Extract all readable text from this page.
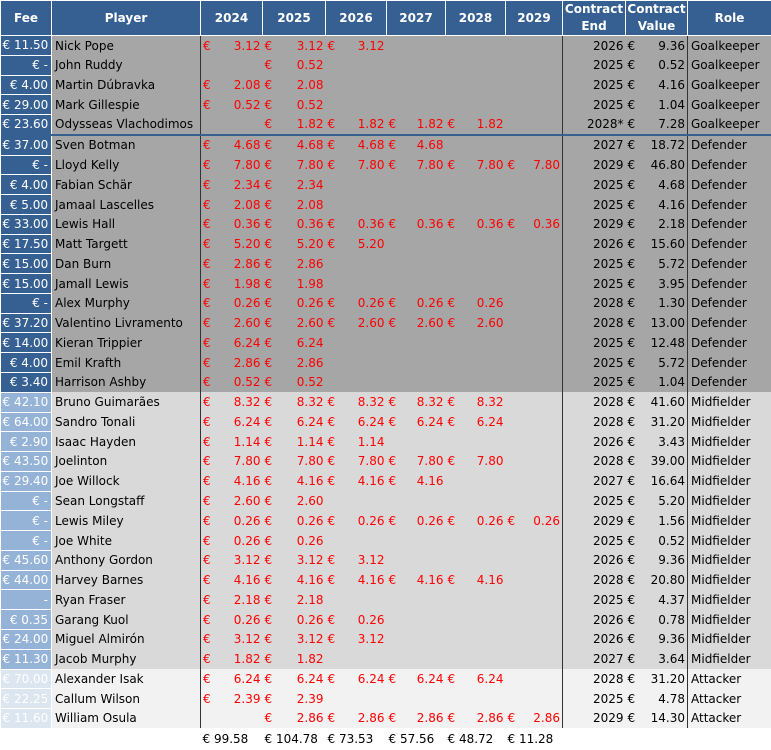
Fee	Player	2024	2025	2026	2027	2028	2029	Contract End	Contract Value	Role
€ 11.50	Nick Pope	€ 3.12	€ 3.12	€ 3.12				2026	€ 9.36	Goalkeeper
€ -	John Ruddy		€ 0.52					2025	€ 0.52	Goalkeeper
€ 4.00	Martin Dúbravka	€ 2.08	€ 2.08					2025	€ 4.16	Goalkeeper
€ 29.00	Mark Gillespie	€ 0.52	€ 0.52					2025	€ 1.04	Goalkeeper
€ 23.60	Odysseas Vlachodimos		€ 1.82	€ 1.82	€ 1.82	€ 1.82		2028*	€ 7.28	Goalkeeper
€ 37.00	Sven Botman	€ 4.68	€ 4.68	€ 4.68	€ 4.68			2027	€ 18.72	Defender
€ -	Lloyd Kelly	€ 7.80	€ 7.80	€ 7.80	€ 7.80	€ 7.80	€ 7.80	2029	€ 46.80	Defender
€ 4.00	Fabian Schär	€ 2.34	€ 2.34					2025	€ 4.68	Defender
€ 5.00	Jamaal Lascelles	€ 2.08	€ 2.08					2025	€ 4.16	Defender
€ 33.00	Lewis Hall	€ 0.36	€ 0.36	€ 0.36	€ 0.36	€ 0.36	€ 0.36	2029	€ 2.18	Defender
€ 17.50	Matt Targett	€ 5.20	€ 5.20	€ 5.20				2026	€ 15.60	Defender
€ 15.00	Dan Burn	€ 2.86	€ 2.86					2025	€ 5.72	Defender
€ 15.00	Jamall Lewis	€ 1.98	€ 1.98					2025	€ 3.95	Defender
€ -	Alex Murphy	€ 0.26	€ 0.26	€ 0.26	€ 0.26	€ 0.26		2028	€ 1.30	Defender
€ 37.20	Valentino Livramento	€ 2.60	€ 2.60	€ 2.60	€ 2.60	€ 2.60		2028	€ 13.00	Defender
€ 14.00	Kieran Trippier	€ 6.24	€ 6.24					2025	€ 12.48	Defender
€ 4.00	Emil Krafth	€ 2.86	€ 2.86					2025	€ 5.72	Defender
€ 3.40	Harrison Ashby	€ 0.52	€ 0.52					2025	€ 1.04	Defender
€ 42.10	Bruno Guimarães	€ 8.32	€ 8.32	€ 8.32	€ 8.32	€ 8.32		2028	€ 41.60	Midfielder
€ 64.00	Sandro Tonali	€ 6.24	€ 6.24	€ 6.24	€ 6.24	€ 6.24		2028	€ 31.20	Midfielder
€ 2.90	Isaac Hayden	€ 1.14	€ 1.14	€ 1.14				2026	€ 3.43	Midfielder
€ 43.50	Joelinton	€ 7.80	€ 7.80	€ 7.80	€ 7.80	€ 7.80		2028	€ 39.00	Midfielder
€ 29.40	Joe Willock	€ 4.16	€ 4.16	€ 4.16	€ 4.16			2027	€ 16.64	Midfielder
€ -	Sean Longstaff	€ 2.60	€ 2.60					2025	€ 5.20	Midfielder
€ -	Lewis Miley	€ 0.26	€ 0.26	€ 0.26	€ 0.26	€ 0.26	€ 0.26	2029	€ 1.56	Midfielder
€ -	Joe White	€ 0.26	€ 0.26					2025	€ 0.52	Midfielder
€ 45.60	Anthony Gordon	€ 3.12	€ 3.12	€ 3.12				2026	€ 9.36	Midfielder
€ 44.00	Harvey Barnes	€ 4.16	€ 4.16	€ 4.16	€ 4.16	€ 4.16		2028	€ 20.80	Midfielder
-	Ryan Fraser	€ 2.18	€ 2.18					2025	€ 4.37	Midfielder
€ 0.35	Garang Kuol	€ 0.26	€ 0.26	€ 0.26				2026	€ 0.78	Midfielder
€ 24.00	Miguel Almirón	€ 3.12	€ 3.12	€ 3.12				2026	€ 9.36	Midfielder
€ 11.30	Jacob Murphy	€ 1.82	€ 1.82					2027	€ 3.64	Midfielder
€ 70.00	Alexander Isak	€ 6.24	€ 6.24	€ 6.24	€ 6.24	€ 6.24		2028	€ 31.20	Attacker
€ 22.25	Callum Wilson	€ 2.39	€ 2.39					2025	€ 4.78	Attacker
€ 11.60	William Osula		€ 2.86	€ 2.86	€ 2.86	€ 2.86	€ 2.86	2029	€ 14.30	Attacker
		€ 99.58	€ 104.78	€ 73.53	€ 57.56	€ 48.72	€ 11.28			
